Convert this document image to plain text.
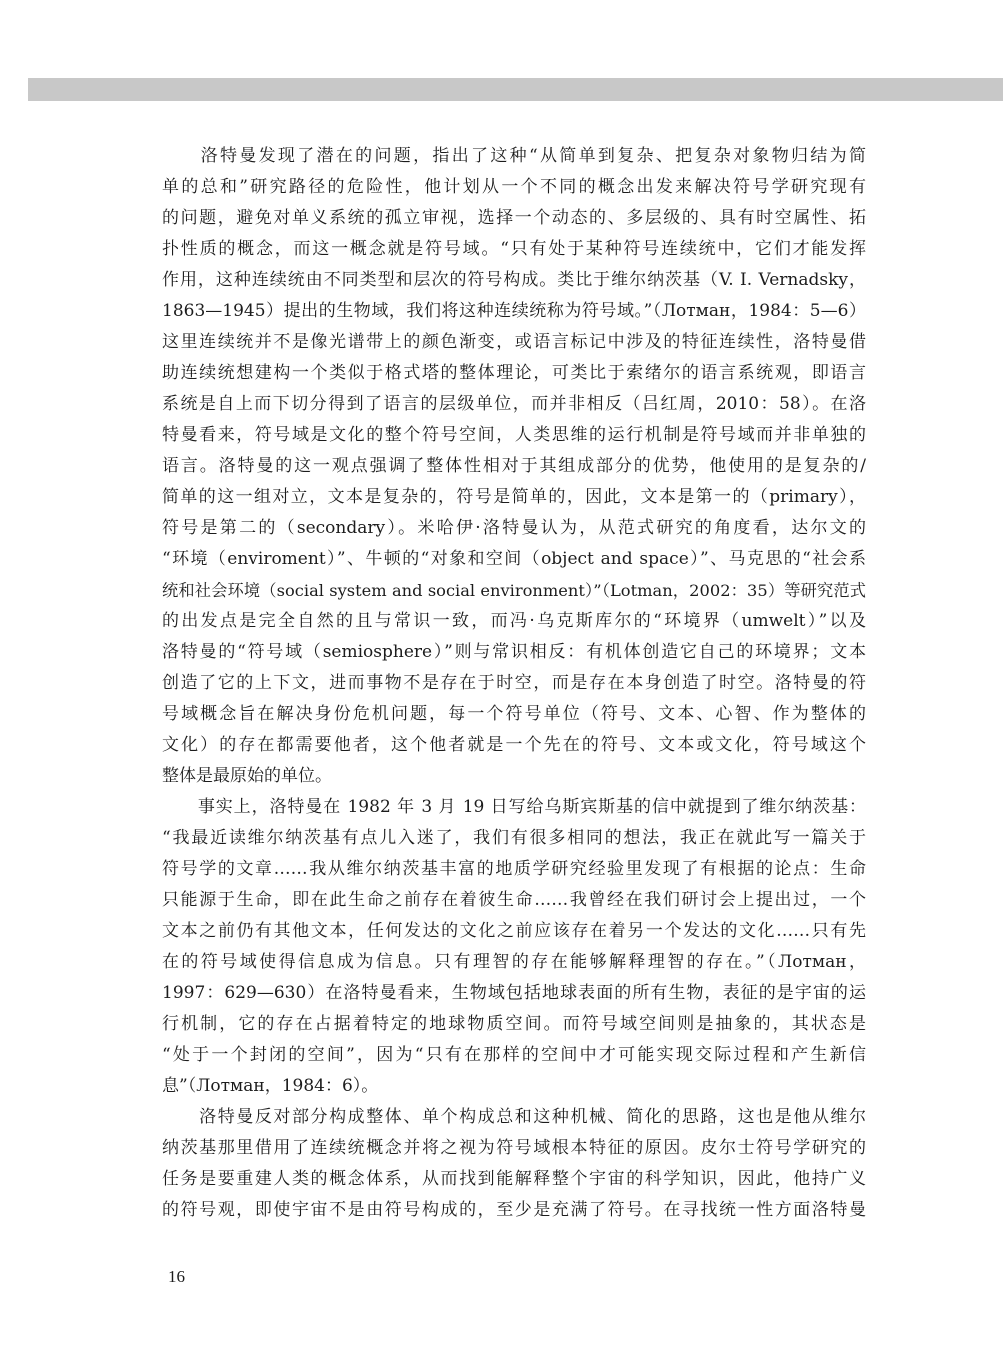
　　洛特曼发现了潜在的问题，指出了这种“从简单到复杂、把复杂对象物归结为简
单的总和”研究路径的危险性，他计划从一个不同的概念出发来解决符号学研究现有
的问题，避免对单义系统的孤立审视，选择一个动态的、多层级的、具有时空属性、拓
扑性质的概念，而这一概念就是符号域。“只有处于某种符号连续统中，它们才能发挥
作用，这种连续统由不同类型和层次的符号构成。类比于维尔纳茨基（V. I. Vernadsky，
1863—1945）提出的生物域，我们将这种连续统称为符号域。”（Лотман，1984：5—6）
这里连续统并不是像光谱带上的颜色渐变，或语言标记中涉及的特征连续性，洛特曼借
助连续统想建构一个类似于格式塔的整体理论，可类比于索绪尔的语言系统观，即语言
系统是自上而下切分得到了语言的层级单位，而并非相反（吕红周，2010：58）。在洛
特曼看来，符号域是文化的整个符号空间，人类思维的运行机制是符号域而并非单独的
语言。洛特曼的这一观点强调了整体性相对于其组成部分的优势，他使用的是复杂的/
简单的这一组对立，文本是复杂的，符号是简单的，因此，文本是第一的（primary），
符号是第二的（secondary）。米哈伊·洛特曼认为，从范式研究的角度看，达尔文的
“环境（enviroment）”、牛顿的“对象和空间（object and space）”、马克思的“社会系
统和社会环境（social system and social environment）”（Lotman，2002：35）等研究范式
的出发点是完全自然的且与常识一致，而冯·乌克斯库尔的“环境界（umwelt）”以及
洛特曼的“符号域（semiosphere）”则与常识相反：有机体创造它自己的环境界；文本
创造了它的上下文，进而事物不是存在于时空，而是存在本身创造了时空。洛特曼的符
号域概念旨在解决身份危机问题，每一个符号单位（符号、文本、心智、作为整体的
文化）的存在都需要他者，这个他者就是一个先在的符号、文本或文化，符号域这个
整体是最原始的单位。
　　事实上，洛特曼在 1982 年 3 月 19 日写给乌斯宾斯基的信中就提到了维尔纳茨基：
“我最近读维尔纳茨基有点儿入迷了，我们有很多相同的想法，我正在就此写一篇关于
符号学的文章……我从维尔纳茨基丰富的地质学研究经验里发现了有根据的论点：生命
只能源于生命，即在此生命之前存在着彼生命……我曾经在我们研讨会上提出过，一个
文本之前仍有其他文本，任何发达的文化之前应该存在着另一个发达的文化……只有先
在的符号域使得信息成为信息。只有理智的存在能够解释理智的存在。”（Лотман，
1997：629—630）在洛特曼看来，生物域包括地球表面的所有生物，表征的是宇宙的运
行机制，它的存在占据着特定的地球物质空间。而符号域空间则是抽象的，其状态是
“处于一个封闭的空间”，因为“只有在那样的空间中才可能实现交际过程和产生新信
息”（Лотман，1984：6）。
　　洛特曼反对部分构成整体、单个构成总和这种机械、简化的思路，这也是他从维尔
纳茨基那里借用了连续统概念并将之视为符号域根本特征的原因。皮尔士符号学研究的
任务是要重建人类的概念体系，从而找到能解释整个宇宙的科学知识，因此，他持广义
的符号观，即使宇宙不是由符号构成的，至少是充满了符号。在寻找统一性方面洛特曼
16
